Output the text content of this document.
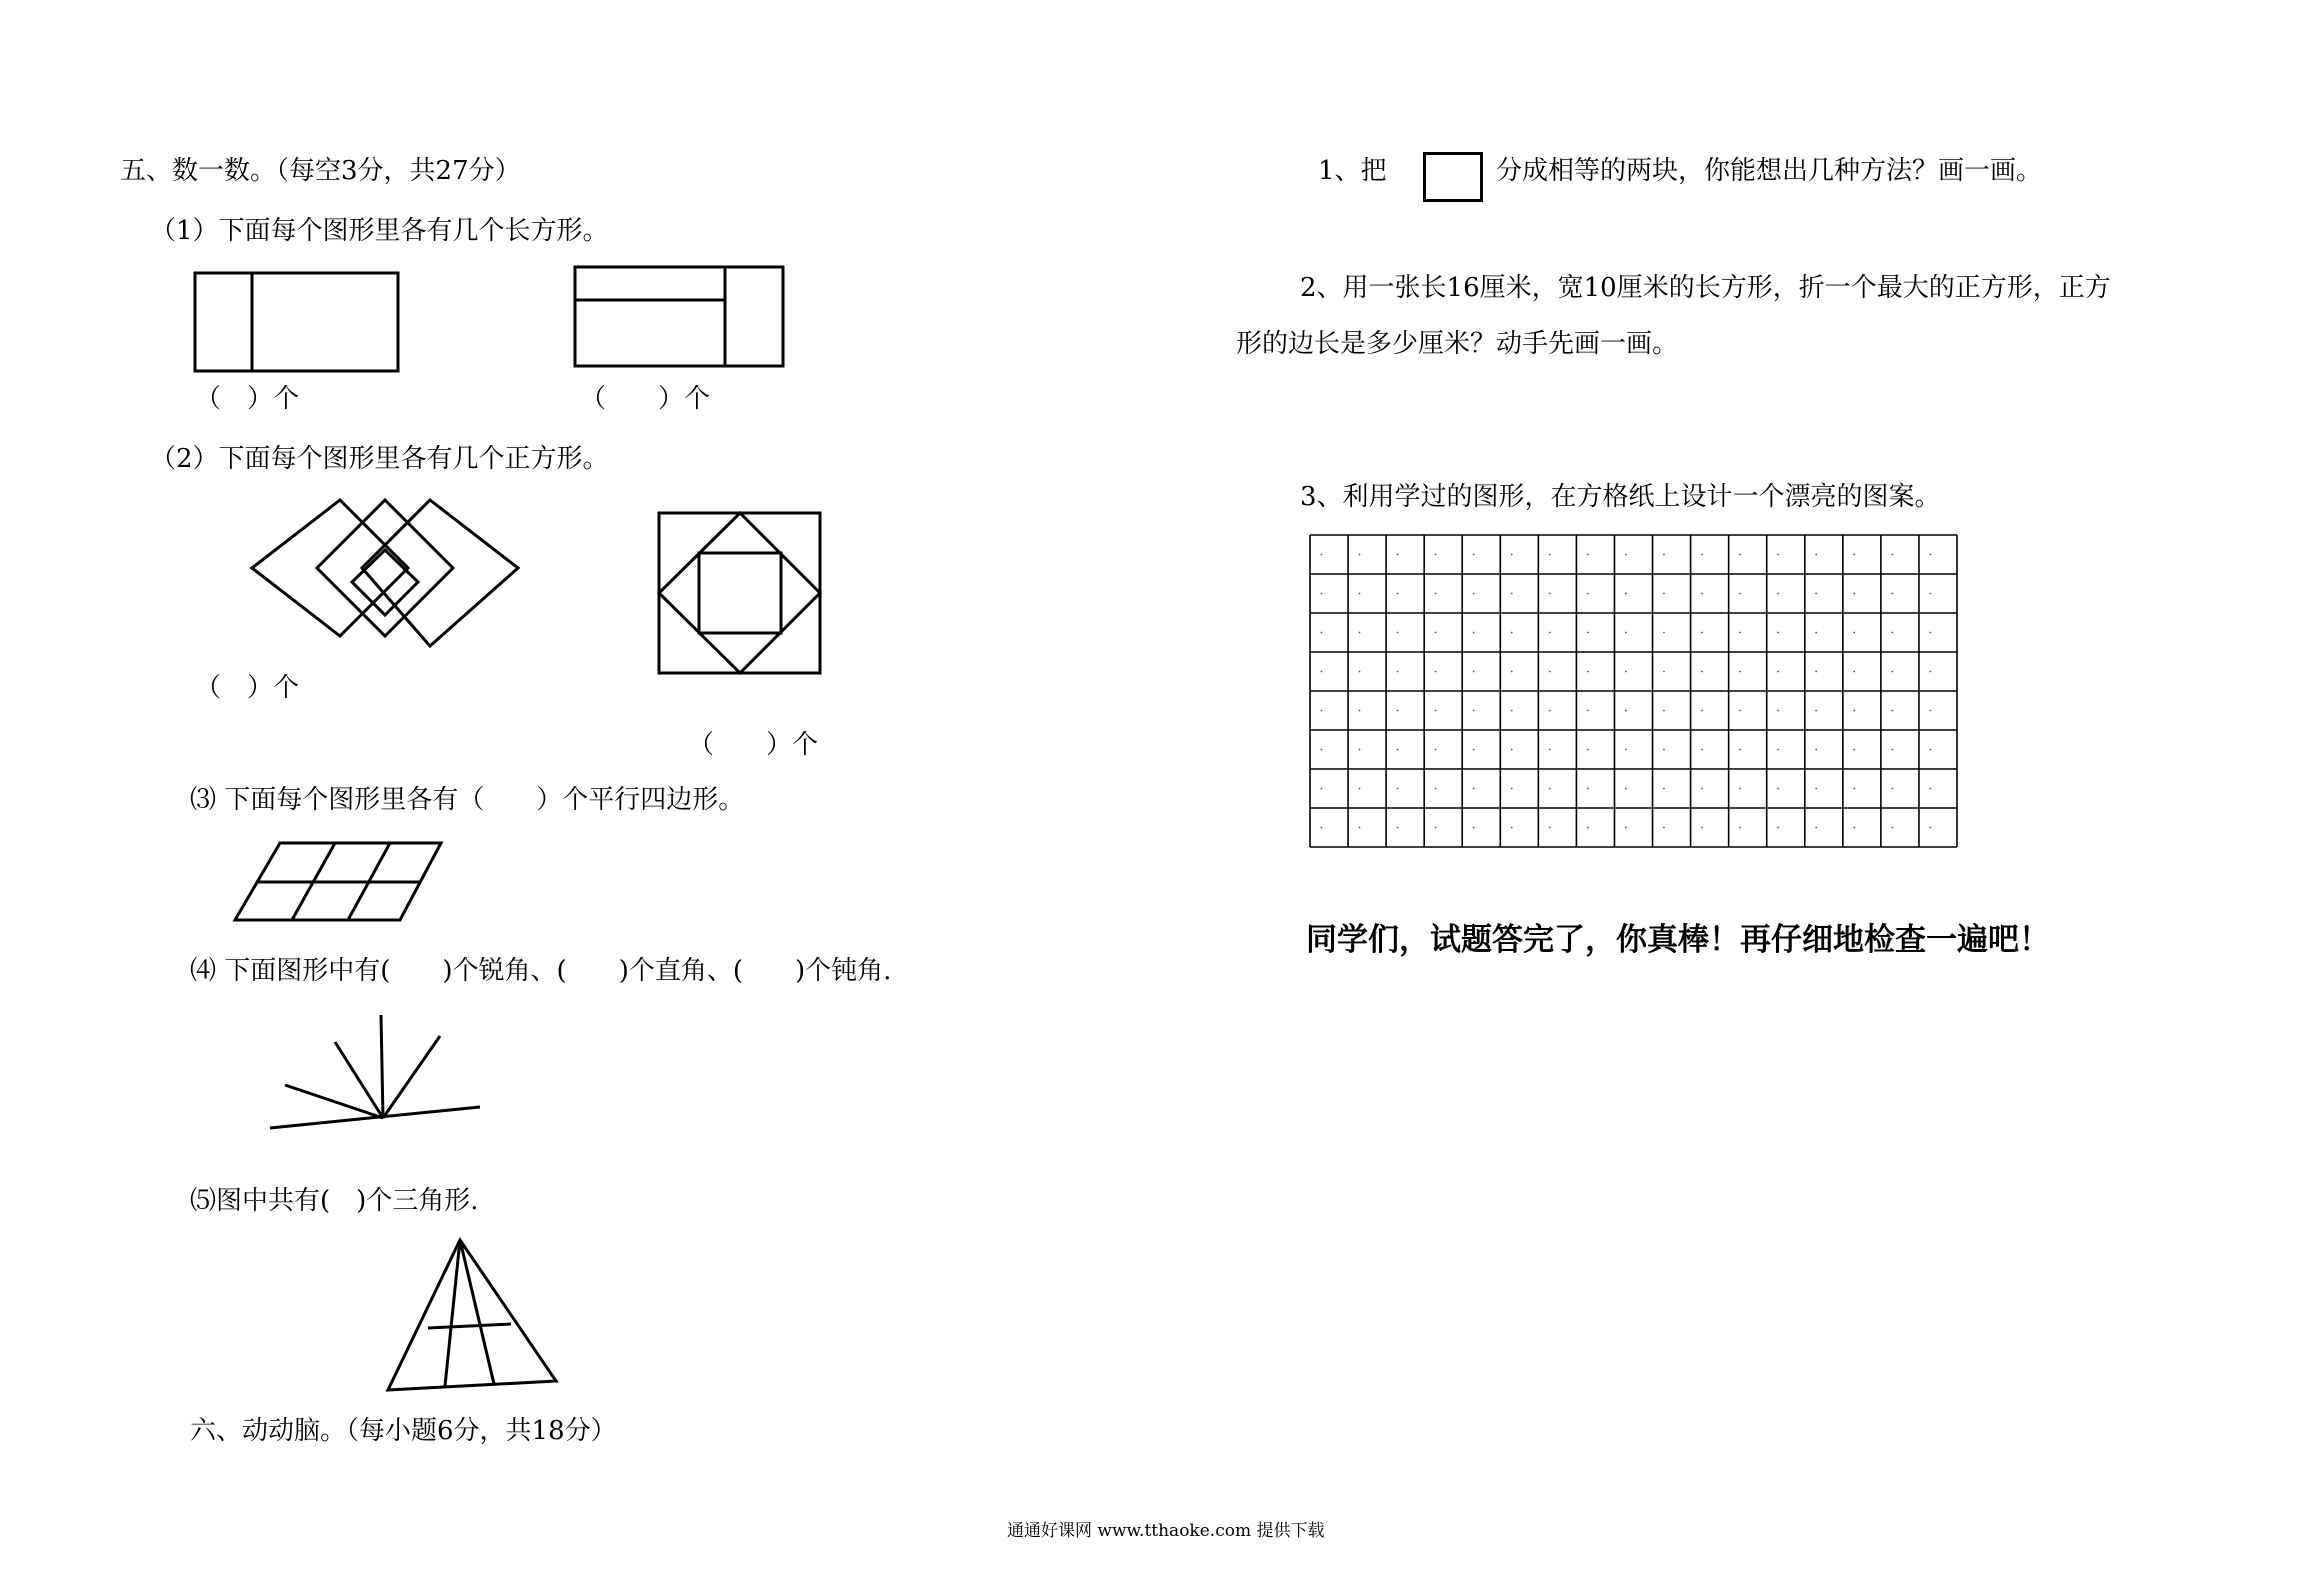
五、数一数。（每空3分，共27分）
（1）下面每个图形里各有几个长方形。
（　）个	（　　）个
（2）下面每个图形里各有几个正方形。
（　）个
（　　）个
⑶ 下面每个图形里各有（　　）个平行四边形。
⑷ 下面图形中有(　　)个锐角、(　　)个直角、(　　)个钝角.
⑸图中共有(　)个三角形.
六、动动脑。（每小题6分，共18分）
1、把	分成相等的两块，你能想出几种方法？画一画。
2、用一张长16厘米，宽10厘米的长方形，折一个最大的正方形，正方
形的边长是多少厘米？动手先画一画。
3、利用学过的图形，在方格纸上设计一个漂亮的图案。
同学们，试题答完了，你真棒！再仔细地检查一遍吧！
通通好课网 www.tthaoke.com 提供下载
